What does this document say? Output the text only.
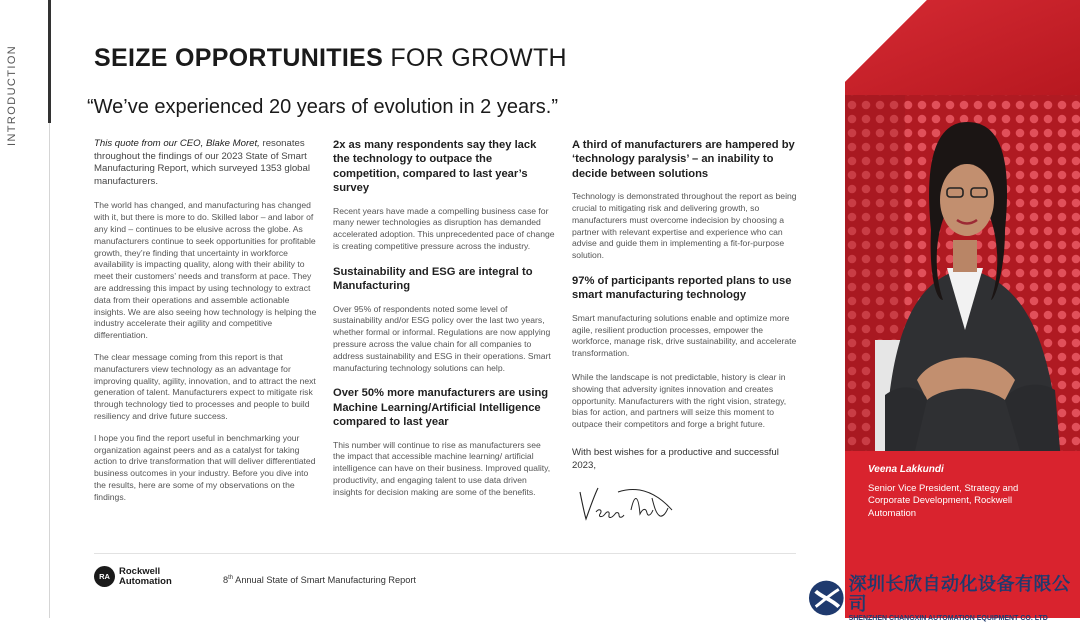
INTRODUCTION	SEIZE OPPORTUNITIES FOR GROWTH

“We’ve experienced 20 years of evolution in 2 years.”

This quote from our CEO, Blake Moret, resonates throughout the findings of our 2023 State of Smart Manufacturing Report, which surveyed 1353 global manufacturers.

The world has changed, and manufacturing has changed with it, but there is more to do. Skilled labor – and labor of any kind – continues to be elusive across the globe. As manufacturers continue to seek opportunities for profitable growth, they’re finding that uncertainty in workforce availability is impacting quality, along with their ability to meet their customers’ needs and transform at pace. They are addressing this impact by using technology to extract data from their operations and assemble actionable insights. We are also seeing how technology is helping the industry accelerate their agility and competitive differentiation.

The clear message coming from this report is that manufacturers view technology as an advantage for improving quality, agility, innovation, and to attract the next generation of talent. Manufacturers expect to mitigate risk through technology tied to processes and people to build resiliency and drive future success.

I hope you find the report useful in benchmarking your organization against peers and as a catalyst for taking action to drive transformation that will deliver differentiated business outcomes in your industry. Before you dive into the results, here are some of my observations on the findings.

2x as many respondents say they lack the technology to outpace the competition, compared to last year’s survey

Recent years have made a compelling business case for many newer technologies as disruption has demanded accelerated adoption. This unprecedented pace of change is creating competitive pressure across the industry.

Sustainability and ESG are integral to Manufacturing

Over 95% of respondents noted some level of sustainability and/or ESG policy over the last two years, whether formal or informal. Regulations are now applying pressure across the value chain for all companies to address sustainability and ESG in their operations. Smart manufacturing technology solutions can help.

Over 50% more manufacturers are using Machine Learning/Artificial Intelligence compared to last year

This number will continue to rise as manufacturers see the impact that accessible machine learning/ artificial intelligence can have on their business. Improved quality, productivity, and engaging talent to use data driven insights for decision making are some of the benefits.

A third of manufacturers are hampered by ‘technology paralysis’ – an inability to decide between solutions

Technology is demonstrated throughout the report as being crucial to mitigating risk and delivering growth, so manufacturers must overcome indecision by choosing a partner with relevant expertise and experience who can advise and guide them in implementing a fit-for-purpose solution.

97% of participants reported plans to use smart manufacturing technology

Smart manufacturing solutions enable and optimize more agile, resilient production processes, empower the workforce, manage risk, drive sustainability, and accelerate transformation.

While the landscape is not predictable, history is clear in showing that adversity ignites innovation and creates opportunity. Manufacturers with the right vision, strategy, bias for action, and partners will seize this moment to outpace their competitors and forge a bright future.

With best wishes for a productive and successful 2023,

RA Rockwell
Automation	8th Annual State of Smart Manufacturing Report

Veena Lakkundi

Senior Vice President, Strategy and Corporate Development, Rockwell Automation

深圳长欣自动化设备有限公司
SHENZHEN CHANGXIN AUTOMATION EQUIPMENT CO. LTD
